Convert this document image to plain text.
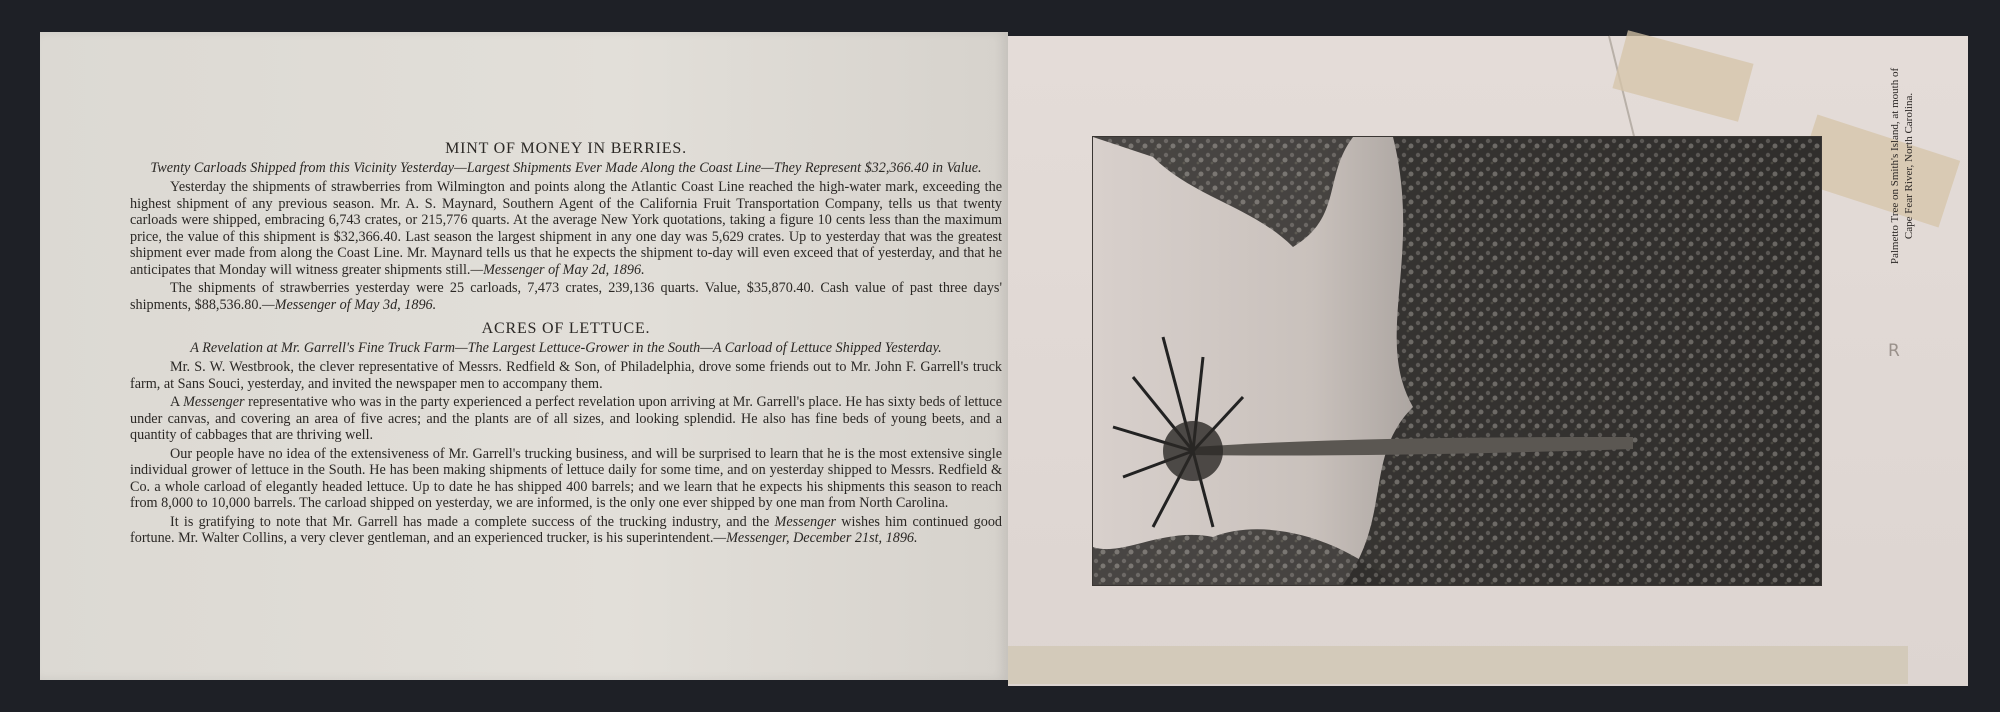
MINT OF MONEY IN BERRIES.
Twenty Carloads Shipped from this Vicinity Yesterday—Largest Shipments Ever Made Along the Coast Line—They Represent $32,366.40 in Value.

Yesterday the shipments of strawberries from Wilmington and points along the Atlantic Coast Line reached the high-water mark, exceeding the highest shipment of any previous season. Mr. A. S. Maynard, Southern Agent of the California Fruit Transportation Company, tells us that twenty carloads were shipped, embracing 6,743 crates, or 215,776 quarts. At the average New York quotations, taking a figure 10 cents less than the maximum price, the value of this shipment is $32,366.40. Last season the largest shipment in any one day was 5,629 crates. Up to yesterday that was the greatest shipment ever made from along the Coast Line. Mr. Maynard tells us that he expects the shipment to-day will even exceed that of yesterday, and that he anticipates that Monday will witness greater shipments still.—Messenger of May 2d, 1896.

The shipments of strawberries yesterday were 25 carloads, 7,473 crates, 239,136 quarts. Value, $35,870.40. Cash value of past three days' shipments, $88,536.80.—Messenger of May 3d, 1896.

ACRES OF LETTUCE.
A Revelation at Mr. Garrell's Fine Truck Farm—The Largest Lettuce-Grower in the South—A Carload of Lettuce Shipped Yesterday.

Mr. S. W. Westbrook, the clever representative of Messrs. Redfield & Son, of Philadelphia, drove some friends out to Mr. John F. Garrell's truck farm, at Sans Souci, yesterday, and invited the newspaper men to accompany them.

A Messenger representative who was in the party experienced a perfect revelation upon arriving at Mr. Garrell's place. He has sixty beds of lettuce under canvas, and covering an area of five acres; and the plants are of all sizes, and looking splendid. He also has fine beds of young beets, and a quantity of cabbages that are thriving well.

Our people have no idea of the extensiveness of Mr. Garrell's trucking business, and will be surprised to learn that he is the most extensive single individual grower of lettuce in the South. He has been making shipments of lettuce daily for some time, and on yesterday shipped to Messrs. Redfield & Co. a whole carload of elegantly headed lettuce. Up to date he has shipped 400 barrels; and we learn that he expects his shipments this season to reach from 8,000 to 10,000 barrels. The carload shipped on yesterday, we are informed, is the only one ever shipped by one man from North Carolina.

It is gratifying to note that Mr. Garrell has made a complete success of the trucking industry, and the Messenger wishes him continued good fortune. Mr. Walter Collins, a very clever gentleman, and an experienced trucker, is his superintendent.—Messenger, December 21st, 1896.

Palmetto Tree on Smith's Island, at mouth of Cape Fear River, North Carolina.
R
